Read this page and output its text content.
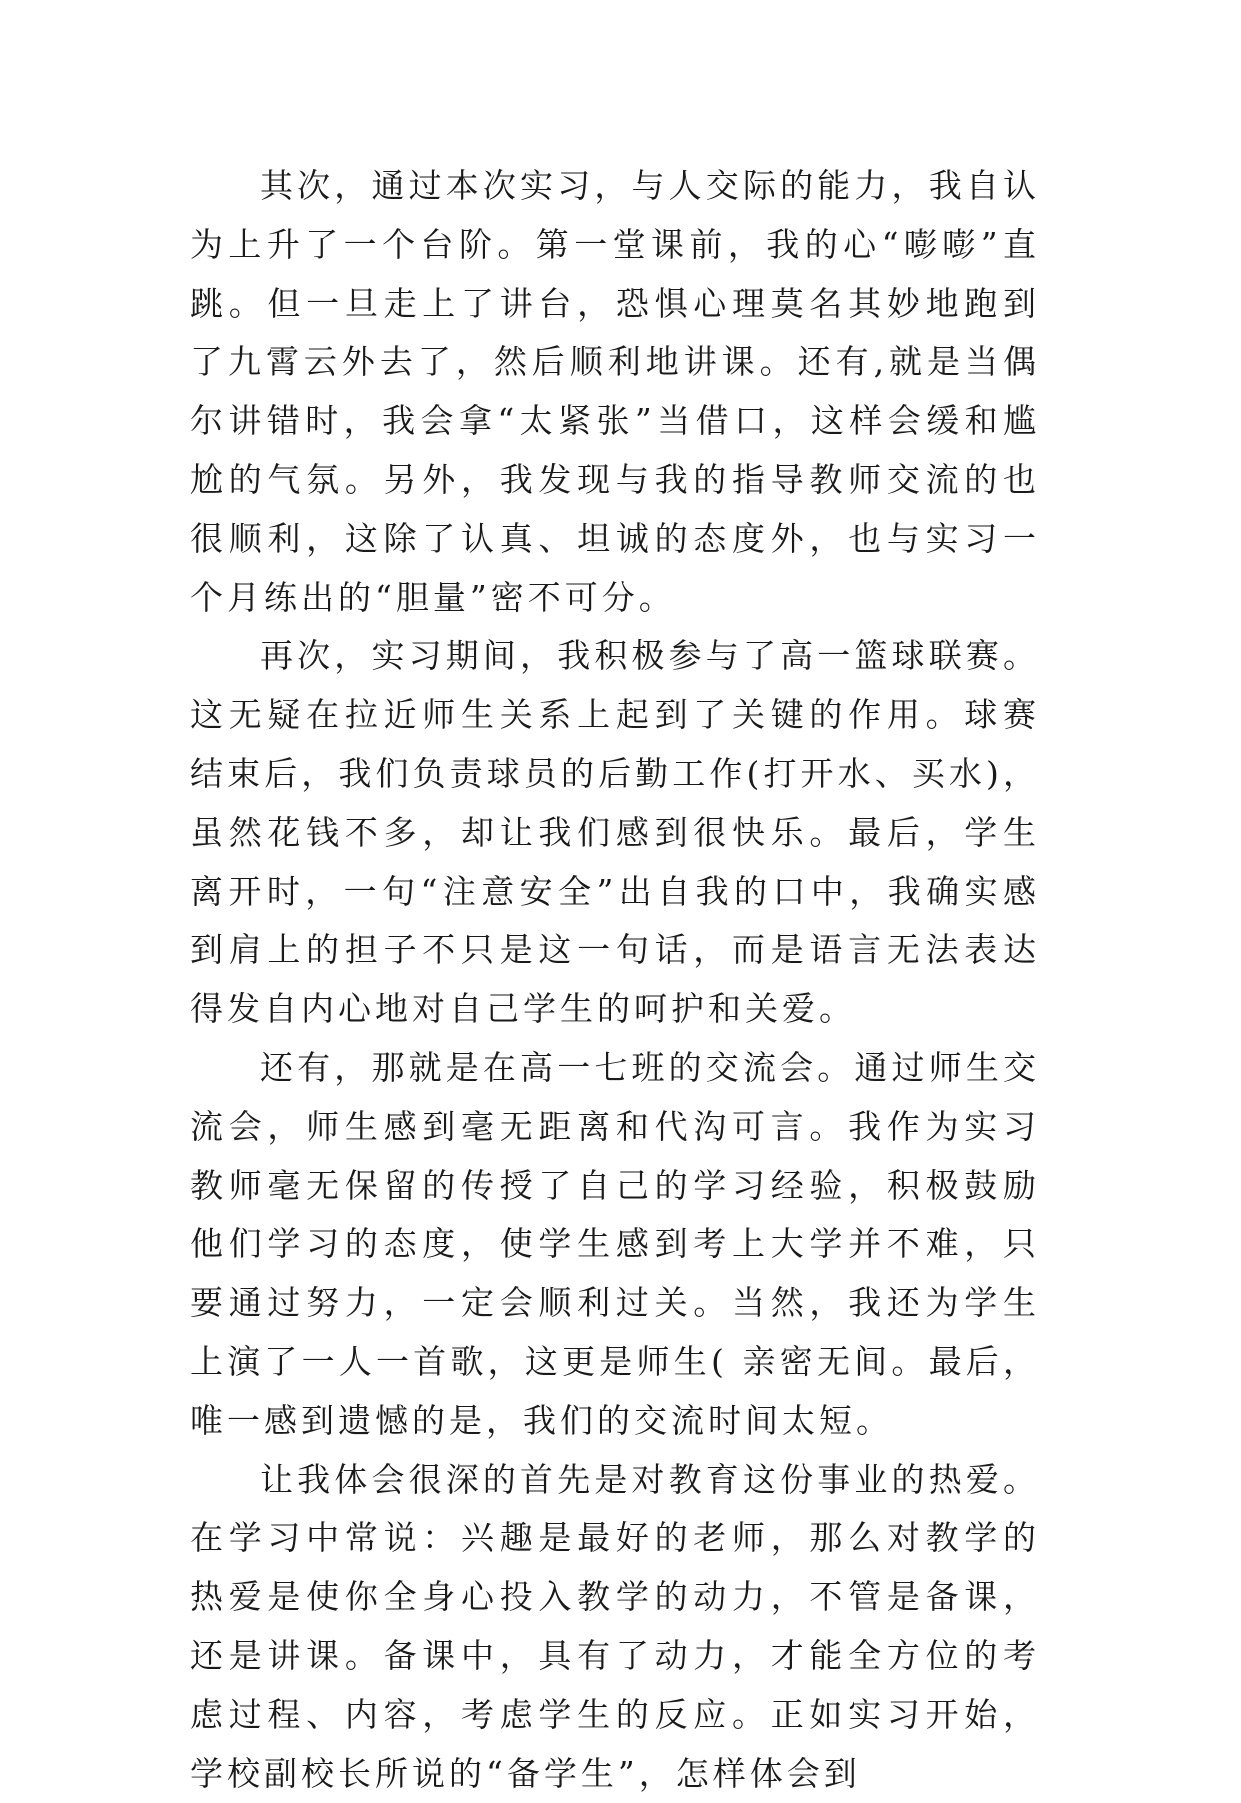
其次，通过本次实习，与人交际的能力，我自认为上升了一个台阶。第一堂课前，我的心“嘭嘭”直跳。但一旦走上了讲台，恐惧心理莫名其妙地跑到了九霄云外去了，然后顺利地讲课。还有,就是当偶尔讲错时，我会拿“太紧张”当借口，这样会缓和尴尬的气氛。另外，我发现与我的指导教师交流的也很顺利，这除了认真、坦诚的态度外，也与实习一个月练出的“胆量”密不可分。

再次，实习期间，我积极参与了高一篮球联赛。这无疑在拉近师生关系上起到了关键的作用。球赛结束后，我们负责球员的后勤工作(打开水、买水)，虽然花钱不多，却让我们感到很快乐。最后，学生离开时，一句“注意安全”出自我的口中，我确实感到肩上的担子不只是这一句话，而是语言无法表达得发自内心地对自己学生的呵护和关爱。

还有，那就是在高一七班的交流会。通过师生交流会，师生感到毫无距离和代沟可言。我作为实习教师毫无保留的传授了自己的学习经验，积极鼓励他们学习的态度，使学生感到考上大学并不难，只要通过努力，一定会顺利过关。当然，我还为学生上演了一人一首歌，这更是师生( 亲密无间。最后，唯一感到遗憾的是，我们的交流时间太短。

让我体会很深的首先是对教育这份事业的热爱。在学习中常说：兴趣是最好的老师，那么对教学的热爱是使你全身心投入教学的动力，不管是备课，还是讲课。备课中，具有了动力，才能全方位的考虑过程、内容，考虑学生的反应。正如实习开始，学校副校长所说的“备学生”，怎样体会到
